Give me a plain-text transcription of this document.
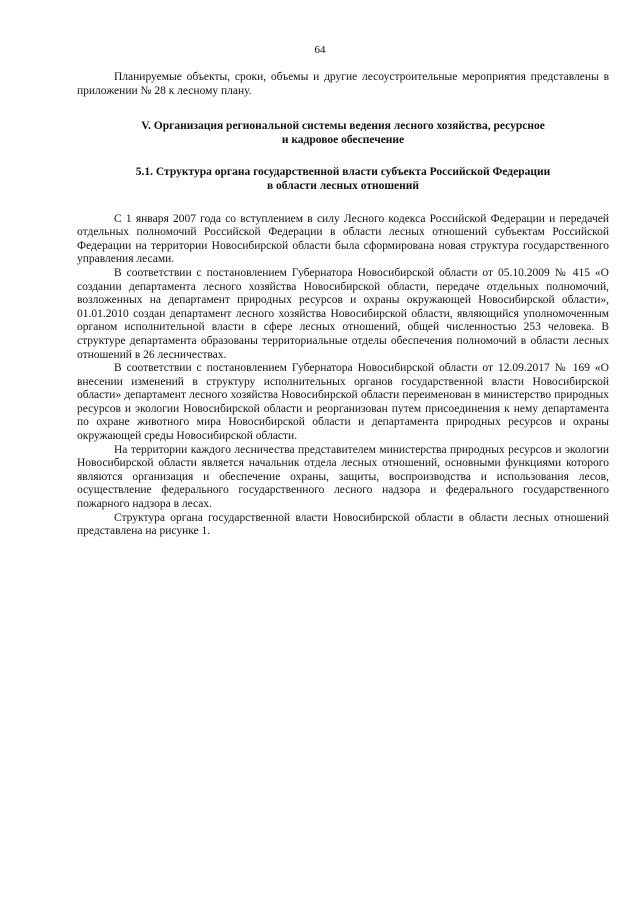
64

Планируемые объекты, сроки, объемы и другие лесоустроительные мероприятия представлены в приложении № 28 к лесному плану.

V. Организация региональной системы ведения лесного хозяйства, ресурсное
и кадровое обеспечение
5.1. Структура органа государственной власти субъекта Российской Федерации
в области лесных отношений

С 1 января 2007 года со вступлением в силу Лесного кодекса Российской Федерации и передачей отдельных полномочий Российской Федерации в области лесных отношений субъектам Российской Федерации на территории Новосибирской области была сформирована новая структура государственного управления лесами.

В соответствии с постановлением Губернатора Новосибирской области от 05.10.2009 № 415 «О создании департамента лесного хозяйства Новосибирской области, передаче отдельных полномочий, возложенных на департамент природных ресурсов и охраны окружающей Новосибирской области», 01.01.2010 создан департамент лесного хозяйства Новосибирской области, являющийся уполномоченным органом исполнительной власти в сфере лесных отношений, общей численностью 253 человека. В структуре департамента образованы территориальные отделы обеспечения полномочий в области лесных отношений в 26 лесничествах.

В соответствии с постановлением Губернатора Новосибирской области от 12.09.2017 № 169 «О внесении изменений в структуру исполнительных органов государственной власти Новосибирской области» департамент лесного хозяйства Новосибирской области переименован в министерство природных ресурсов и экологии Новосибирской области и реорганизован путем присоединения к нему департамента по охране животного мира Новосибирской области и департамента природных ресурсов и охраны окружающей среды Новосибирской области.

На территории каждого лесничества представителем министерства природных ресурсов и экологии Новосибирской области является начальник отдела лесных отношений, основными функциями которого являются организация и обеспечение охраны, защиты, воспроизводства и использования лесов, осуществление федерального государственного лесного надзора и федерального государственного пожарного надзора в лесах.

Структура органа государственной власти Новосибирской области в области лесных отношений представлена на рисунке 1.
